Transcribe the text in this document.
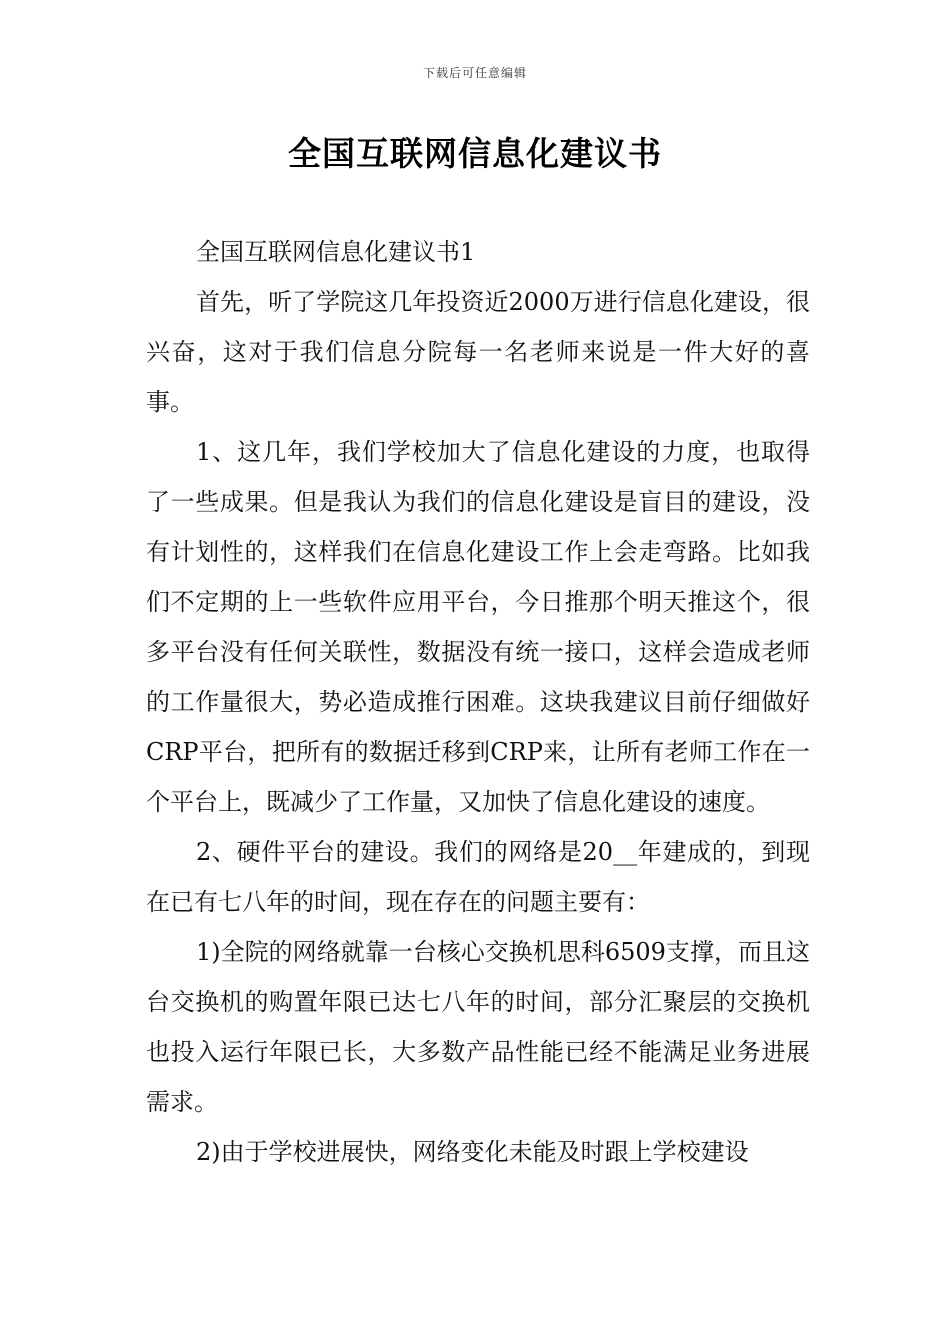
下载后可任意编辑
全国互联网信息化建议书

全国互联网信息化建议书1

首先，听了学院这几年投资近2000万进行信息化建设，很兴奋，这对于我们信息分院每一名老师来说是一件大好的喜事。

1、这几年，我们学校加大了信息化建设的力度，也取得了一些成果。但是我认为我们的信息化建设是盲目的建设，没有计划性的，这样我们在信息化建设工作上会走弯路。比如我们不定期的上一些软件应用平台，今日推那个明天推这个，很多平台没有任何关联性，数据没有统一接口，这样会造成老师的工作量很大，势必造成推行困难。这块我建议目前仔细做好CRP平台，把所有的数据迁移到CRP来，让所有老师工作在一个平台上，既减少了工作量，又加快了信息化建设的速度。

2、硬件平台的建设。我们的网络是20__年建成的，到现在已有七八年的时间，现在存在的问题主要有：

1)全院的网络就靠一台核心交换机思科6509支撑，而且这台交换机的购置年限已达七八年的时间，部分汇聚层的交换机也投入运行年限已长，大多数产品性能已经不能满足业务进展需求。

2)由于学校进展快，网络变化未能及时跟上学校建设
